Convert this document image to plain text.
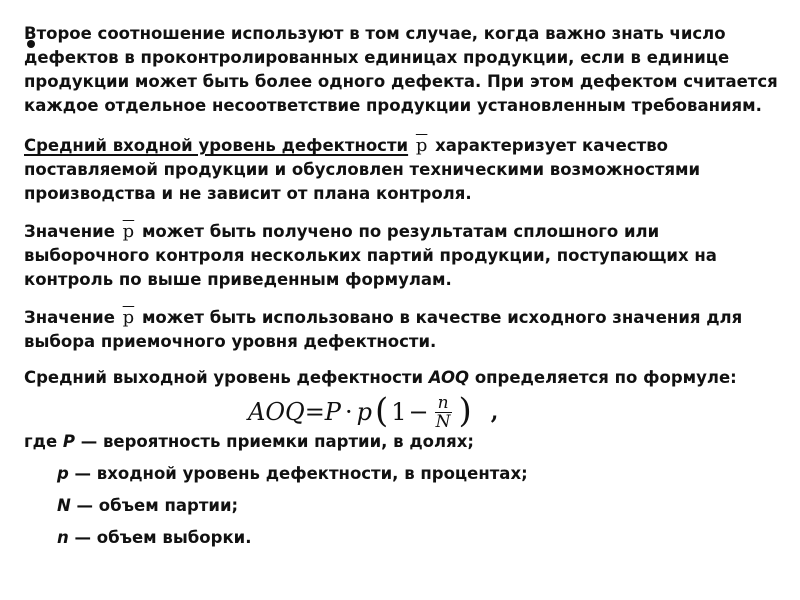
Второе соотношение используют в том случае, когда важно знать число
дефектов в проконтролированных единицах продукции, если в единице
продукции может быть более одного дефекта. При этом дефектом считается
каждое отдельное несоответствие продукции установленным требованиям.

Средний входной уровень дефектности $\overline{p}$ характеризует качество
поставляемой продукции и обусловлен техническими возможностями
производства и не зависит от плана контроля.

Значение $\overline{p}$ может быть получено по результатам сплошного или
выборочного контроля нескольких партий продукции, поступающих на
контроль по выше приведенным формулам.

Значение $\overline{p}$ может быть использовано в качестве исходного значения для
выбора приемочного уровня дефектности.

Средний выходной уровень дефектности AOQ определяется по формуле:

AOQ = P · p ( $1 - \frac{n}{N}$ ) ,

где P — вероятность приемки партии, в долях;

p — входной уровень дефектности, в процентах;

N — объем партии;

n — объем выборки.
